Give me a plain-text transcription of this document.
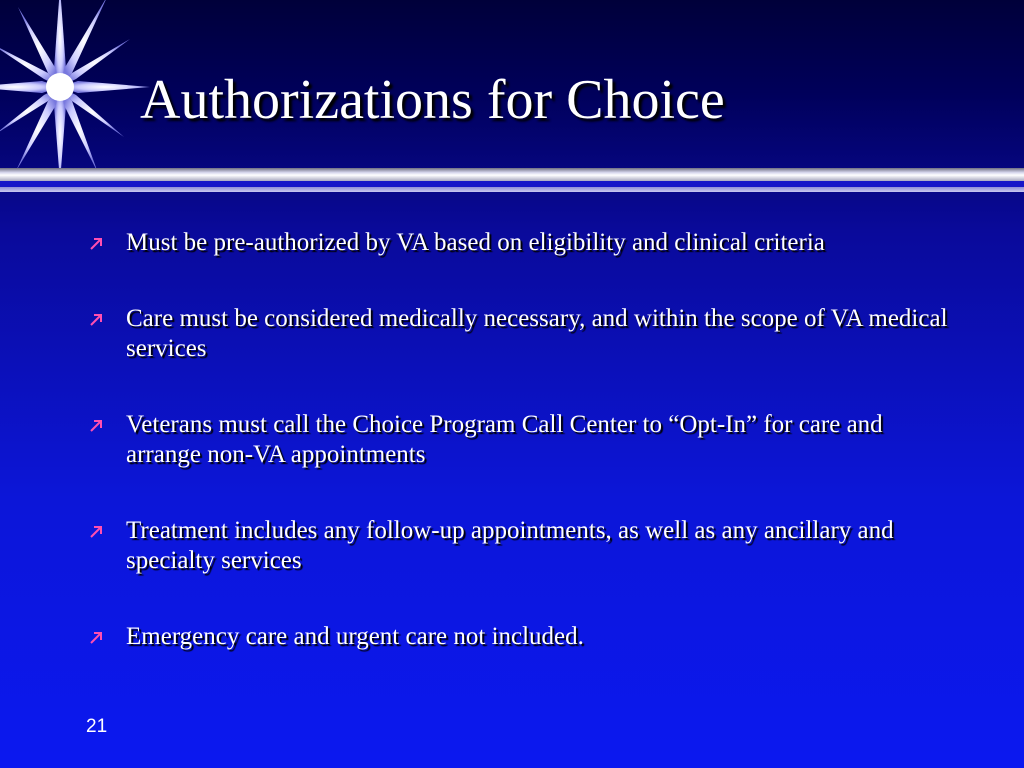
Authorizations for Choice
Must be pre-authorized by VA based on eligibility and clinical criteria
Care must be considered medically necessary, and within the scope of VA medical services
Veterans must call the Choice Program Call Center to “Opt-In” for care and arrange non-VA appointments
Treatment includes any follow-up appointments, as well as any ancillary and specialty services
Emergency care and urgent care not included.
21
